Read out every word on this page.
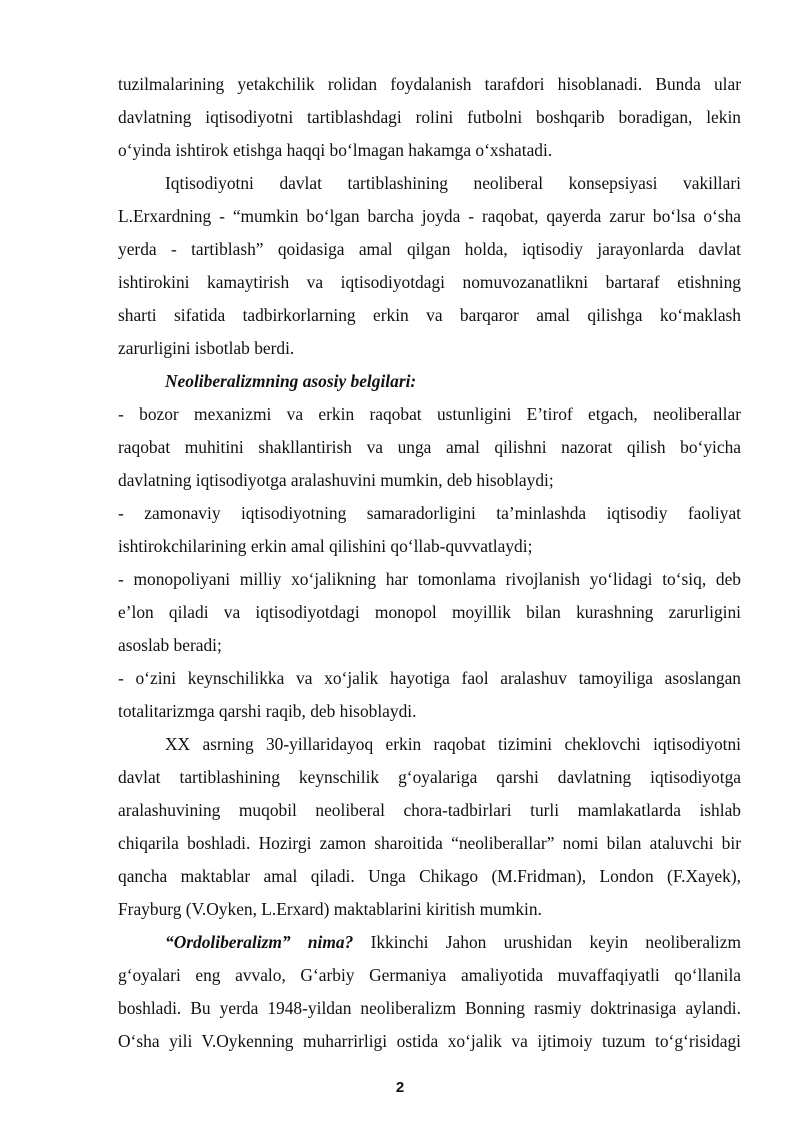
tuzilmalarining yetakchilik rolidan foydalanish tarafdori hisoblanadi. Bunda ular
davlatning iqtisodiyotni tartiblashdagi rolini futbolni boshqarib boradigan, lekin
o‘yinda ishtirok etishga haqqi bo‘lmagan hakamga o‘xshatadi.
Iqtisodiyotni davlat tartiblashining neoliberal konsepsiyasi vakillari
L.Erxardning - “mumkin bo‘lgan barcha joyda - raqobat, qayerda zarur bo‘lsa o‘sha
yerda - tartiblash” qoidasiga amal qilgan holda, iqtisodiy jarayonlarda davlat
ishtirokini kamaytirish va iqtisodiyotdagi nomuvozanatlikni bartaraf etishning
sharti sifatida tadbirkorlarning erkin va barqaror amal qilishga ko‘maklash
zarurligini isbotlab berdi.
Neoliberalizmning asosiy belgilari:
- bozor mexanizmi va erkin raqobat ustunligini E’tirof etgach, neoliberallar
raqobat muhitini shakllantirish va unga amal qilishni nazorat qilish bo‘yicha
davlatning iqtisodiyotga aralashuvini mumkin, deb hisoblaydi;
- zamonaviy iqtisodiyotning samaradorligini ta’minlashda iqtisodiy faoliyat
ishtirokchilarining erkin amal qilishini qo‘llab-quvvatlaydi;
- monopoliyani milliy xo‘jalikning har tomonlama rivojlanish yo‘lidagi to‘siq, deb
e’lon qiladi va iqtisodiyotdagi monopol moyillik bilan kurashning zarurligini
asoslab beradi;
- o‘zini keynschilikka va xo‘jalik hayotiga faol aralashuv tamoyiliga asoslangan
totalitarizmga qarshi raqib, deb hisoblaydi.
XX asrning 30-yillaridayoq erkin raqobat tizimini cheklovchi iqtisodiyotni
davlat tartiblashining keynschilik g‘oyalariga qarshi davlatning iqtisodiyotga
aralashuvining muqobil neoliberal chora-tadbirlari turli mamlakatlarda ishlab
chiqarila boshladi. Hozirgi zamon sharoitida “neoliberallar” nomi bilan ataluvchi bir
qancha maktablar amal qiladi. Unga Chikago (M.Fridman), London (F.Xayek),
Frayburg (V.Oyken, L.Erxard) maktablarini kiritish mumkin.
“Ordoliberalizm” nima? Ikkinchi Jahon urushidan keyin neoliberalizm
g‘oyalari eng avvalo, G‘arbiy Germaniya amaliyotida muvaffaqiyatli qo‘llanila
boshladi. Bu yerda 1948-yildan neoliberalizm Bonning rasmiy doktrinasiga aylandi.
O‘sha yili V.Oykenning muharrirligi ostida xo‘jalik va ijtimoiy tuzum to‘g‘risidagi
2
